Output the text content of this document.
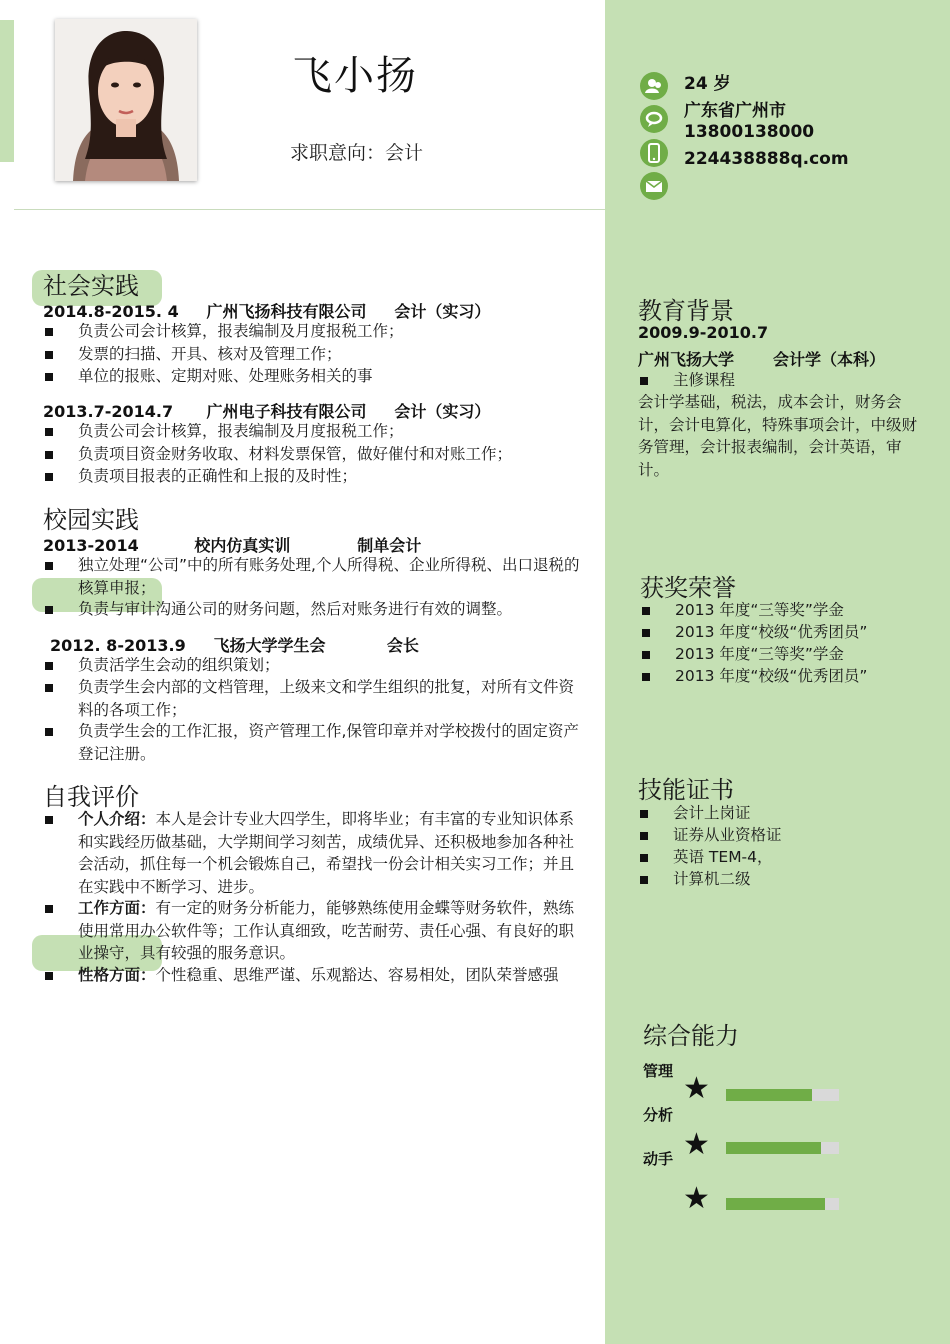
飞小扬
求职意向：会计
24 岁
广东省广州市
13800138000
224438888q.com
社会实践
2014.8-2015. 4     广州飞扬科技有限公司     会计（实习）
负责公司会计核算，报表编制及月度报税工作；
发票的扫描、开具、核对及管理工作；
单位的报账、定期对账、处理账务相关的事
2013.7-2014.7      广州电子科技有限公司     会计（实习）
负责公司会计核算，报表编制及月度报税工作；
负责项目资金财务收取、材料发票保管，做好催付和对账工作；
负责项目报表的正确性和上报的及时性；
校园实践
2013-2014          校内仿真实训            制单会计
独立处理“公司”中的所有账务处理,个人所得税、企业所得税、出口退税的核算申报；
负责与审计沟通公司的财务问题，然后对账务进行有效的调整。
2012. 8-2013.9     飞扬大学学生会           会长
负责活学生会动的组织策划；
负责学生会内部的文档管理，上级来文和学生组织的批复，对所有文件资料的各项工作；
负责学生会的工作汇报，资产管理工作,保管印章并对学校拨付的固定资产登记注册。
自我评价
个人介绍：本人是会计专业大四学生，即将毕业；有丰富的专业知识体系和实践经历做基础，大学期间学习刻苦，成绩优异、还积极地参加各种社会活动，抓住每一个机会锻炼自己，希望找一份会计相关实习工作；并且在实践中不断学习、进步。
工作方面：有一定的财务分析能力，能够熟练使用金蝶等财务软件，熟练使用常用办公软件等；工作认真细致，吃苦耐劳、责任心强、有良好的职业操守，具有较强的服务意识。
性格方面：个性稳重、思维严谨、乐观豁达、容易相处，团队荣誉感强
教育背景
2009.9-2010.7
广州飞扬大学       会计学（本科）
主修课程
会计学基础，税法，成本会计，财务会计，会计电算化，特殊事项会计，中级财务管理，会计报表编制，会计英语，审计。
获奖荣誉
2013 年度“三等奖”学金
2013 年度“校级“优秀团员”
2013 年度“三等奖”学金
2013 年度“校级“优秀团员”
技能证书
会计上岗证
证券从业资格证
英语 TEM-4，
计算机二级
综合能力
管理
分析
动手
★
★
★
